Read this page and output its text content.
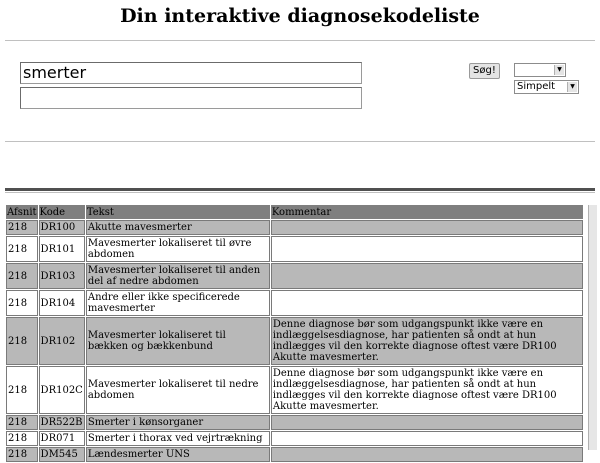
Din interaktive diagnosekodeliste
smerter
Søg!	▼
Simpelt	▼
Afsnit	Kode	Tekst	Kommentar
218	DR100	Akutte mavesmerter	
218	DR101	Mavesmerter lokaliseret til øvre abdomen	
218	DR103	Mavesmerter lokaliseret til anden del af nedre abdomen	
218	DR104	Andre eller ikke specificerede mavesmerter	
218	DR102	Mavesmerter lokaliseret til bækken og bækkenbund	Denne diagnose bør som udgangspunkt ikke være en indlæggelsesdiagnose, har patienten så ondt at hun indlægges vil den korrekte diagnose oftest være DR100 Akutte mavesmerter.
218	DR102C	Mavesmerter lokaliseret til nedre abdomen	Denne diagnose bør som udgangspunkt ikke være en indlæggelsesdiagnose, har patienten så ondt at hun indlægges vil den korrekte diagnose oftest være DR100 Akutte mavesmerter.
218	DR522B	Smerter i kønsorganer	
218	DR071	Smerter i thorax ved vejrtrækning	
218	DM545	Lændesmerter UNS	
